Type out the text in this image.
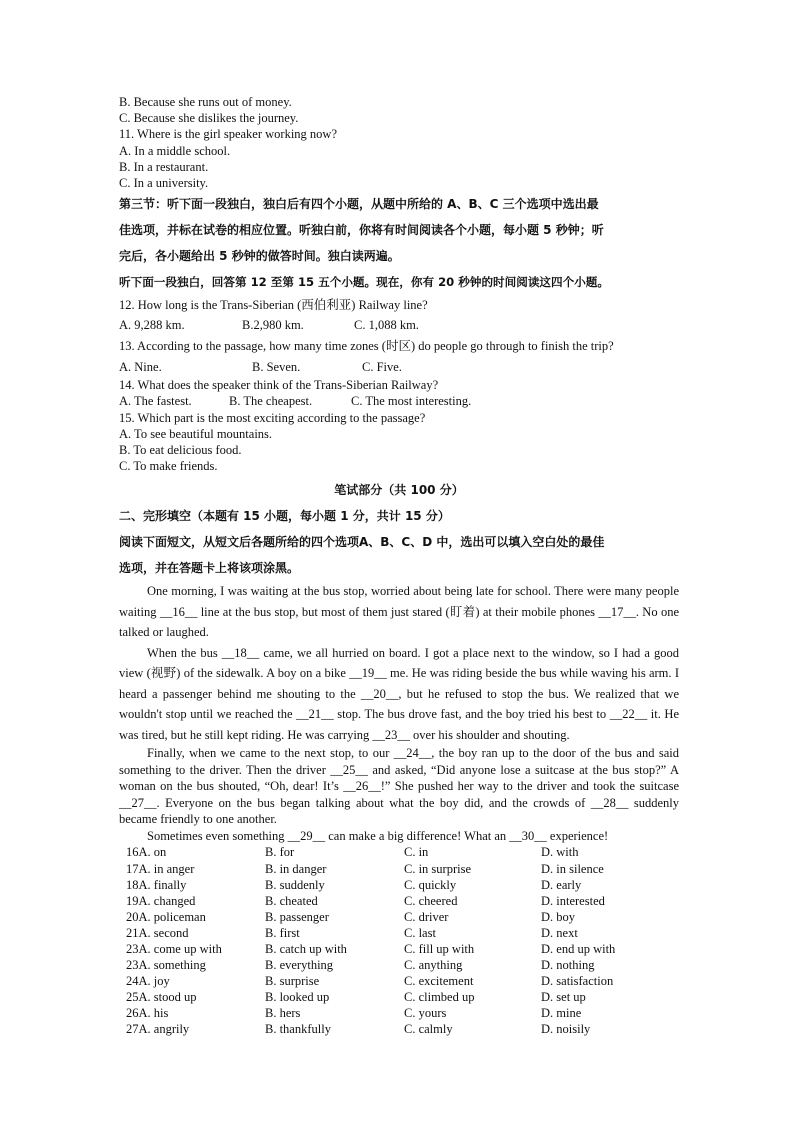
B. Because she runs out of money.
C. Because she dislikes the journey.
11. Where is the girl speaker working now?
A. In a middle school.
B. In a restaurant.
C. In a university.
第三节：听下面一段独白，独白后有四个小题，从题中所给的 A、B、C 三个选项中选出最
佳选项，并标在试卷的相应位置。听独白前，你将有时间阅读各个小题，每小题 5 秒钟；听
完后，各小题给出 5 秒钟的做答时间。独白读两遍。
听下面一段独白，回答第 12 至第 15 五个小题。现在，你有 20 秒钟的时间阅读这四个小题。
12. How long is the Trans-Siberian (西伯利亚) Railway line?
A. 9,288 km.	B.2,980 km.	C. 1,088 km.
13. According to the passage, how many time zones (时区) do people go through to finish the trip?
A. Nine.	B. Seven.	C. Five.
14. What does the speaker think of the Trans-Siberian Railway?
A. The fastest.	B. The cheapest.	C. The most interesting.
15. Which part is the most exciting according to the passage?
A. To see beautiful mountains.
B. To eat delicious food.
C. To make friends.
笔试部分（共 100 分）
二、完形填空（本题有 15 小题，每小题 1 分，共计 15 分）
阅读下面短文，从短文后各题所给的四个选项A、B、C、D 中，选出可以填入空白处的最佳
选项，并在答题卡上将该项涂黑。
One morning, I was waiting at the bus stop, worried about being late for school. There were many people waiting __16__ line at the bus stop, but most of them just stared (盯着) at their mobile phones __17__. No one talked or laughed.
When the bus __18__ came, we all hurried on board. I got a place next to the window, so I had a good view (视野) of the sidewalk. A boy on a bike __19__ me. He was riding beside the bus while waving his arm. I heard a passenger behind me shouting to the __20__, but he refused to stop the bus. We realized that we wouldn't stop until we reached the __21__ stop. The bus drove fast, and the boy tried his best to __22__ it. He was tired, but he still kept riding. He was carrying __23__ over his shoulder and shouting.
Finally, when we came to the next stop, to our __24__, the boy ran up to the door of the bus and said something to the driver. Then the driver __25__ and asked, “Did anyone lose a suitcase at the bus stop?” A woman on the bus shouted, “Oh, dear! It’s __26__!” She pushed her way to the driver and took the suitcase __27__. Everyone on the bus began talking about what the boy did, and the crowds of __28__ suddenly became friendly to one another.
Sometimes even something __29__ can make a big difference! What an __30__ experience!
16A. on	B. for	C. in	D. with
17A. in anger	B. in danger	C. in surprise	D. in silence
18A. finally	B. suddenly	C. quickly	D. early
19A. changed	B. cheated	C. cheered	D. interested
20A. policeman	B. passenger	C. driver	D. boy
21A. second	B. first	C. last	D. next
23A. come up with	B. catch up with	C. fill up with	D. end up with
23A. something	B. everything	C. anything	D. nothing
24A. joy	B. surprise	C. excitement	D. satisfaction
25A. stood up	B. looked up	C. climbed up	D. set up
26A. his	B. hers	C. yours	D. mine
27A. angrily	B. thankfully	C. calmly	D. noisily
